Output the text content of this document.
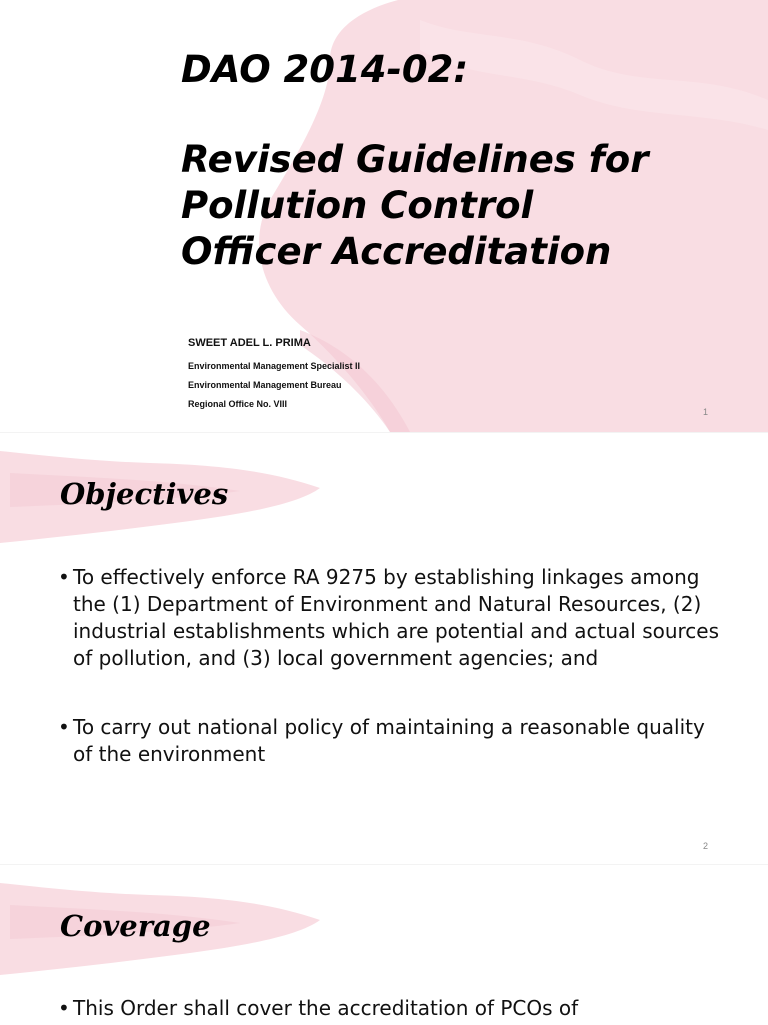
DAO 2014-02:
Revised Guidelines for
Pollution Control
Officer Accreditation
SWEET ADEL L. PRIMA
Environmental Management Specialist II
Environmental Management Bureau
Regional Office No. VIII
1
Objectives
• To effectively enforce RA 9275 by establishing linkages among the (1) Department of Environment and Natural Resources, (2) industrial establishments which are potential and actual sources of pollution, and (3) local government agencies; and
• To carry out national policy of maintaining a reasonable quality of the environment
2
Coverage
• This Order shall cover the accreditation of PCOs of
